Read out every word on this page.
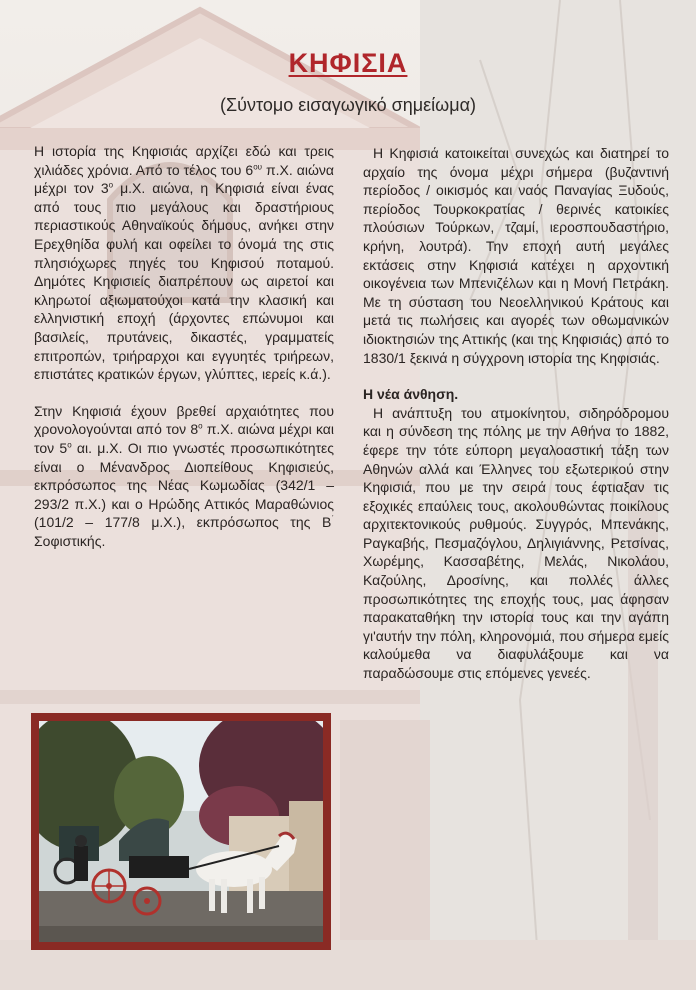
ΚΗΦΙΣΙΑ
(Σύντομο εισαγωγικό σημείωμα)

Η ιστορία της Κηφισιάς αρχίζει εδώ και τρεις χιλιάδες χρόνια. Από το τέλος του $6^{o\upsilon}$ π.Χ. αιώνα μέχρι τον $3^o$ μ.Χ. αιώνα, η Κηφισιά είναι ένας από τους πιο μεγάλους και δραστήριους περιαστικούς Αθηναϊκούς δήμους, ανήκει στην Ερεχθηίδα φυλή και οφείλει το όνομά της στις πλησιόχωρες πηγές του Κηφισού ποταμού. Δημότες Κηφισιείς διαπρέπουν ως αιρετοί και κληρωτοί αξιωματούχοι κατά την κλασική και ελληνιστική εποχή (άρχοντες επώνυμοι και βασιλείς, πρυτάνεις, δικαστές, γραμματείς επιτροπών, τριήραρχοι και εγγυητές τριήρεων, επιστάτες κρατικών έργων, γλύπτες, ιερείς κ.ά.).

Στην Κηφισιά έχουν βρεθεί αρχαιότητες που χρονολογούνται από τον $8^o$ π.Χ. αιώνα μέχρι και τον $5^o$ αι. μ.Χ. Οι πιο γνωστές προσωπικότητες είναι ο Μένανδρος Διοπείθους Κηφισιεύς, εκπρόσωπος της Νέας Κωμωδίας (342/1 – 293/2 π.Χ.) και ο Ηρώδης Αττικός Μαραθώνιος (101/2 – 177/8 μ.Χ.), εκπρόσωπος της Β΄ Σοφιστικής.

Η Κηφισιά κατοικείται συνεχώς και διατηρεί το αρχαίο της όνομα μέχρι σήμερα (βυζαντινή περίοδος / οικισμός και ναός Παναγίας Ξυδούς, περίοδος Τουρκοκρατίας / θερινές κατοικίες πλούσιων Τούρκων, τζαμί, ιεροσπουδαστήριο, κρήνη, λουτρά). Την εποχή αυτή μεγάλες εκτάσεις στην Κηφισιά κατέχει η αρχοντική οικογένεια των Μπενιζέλων και η Μονή Πετράκη. Με τη σύσταση του Νεοελληνικού Κράτους και μετά τις πωλήσεις και αγορές των οθωμανικών ιδιοκτησιών της Αττικής (και της Κηφισιάς) από το 1830/1 ξεκινά η σύγχρονη ιστορία της Κηφισιάς.

Η νέα άνθηση.

Η ανάπτυξη του ατμοκίνητου, σιδηρόδρομου και η σύνδεση της πόλης με την Αθήνα το 1882, έφερε την τότε εύπορη μεγαλοαστική τάξη των Αθηνών αλλά και Έλληνες του εξωτερικού στην Κηφισιά, που με την σειρά τους έφτιαξαν τις εξοχικές επαύλεις τους, ακολουθώντας ποικίλους αρχιτεκτονικούς ρυθμούς. Συγγρός, Μπενάκης, Ραγκαβής, Πεσμαζόγλου, Δηλιγιάννης, Ρετσίνας, Χωρέμης, Κασσαβέτης, Μελάς, Νικολάου, Καζούλης, Δροσίνης, και πολλές άλλες προσωπικότητες της εποχής τους, μας άφησαν παρακαταθήκη την ιστορία τους και την αγάπη γι'αυτήν την πόλη, κληρονομιά, που σήμερα εμείς καλούμεθα να διαφυλάξουμε και να παραδώσουμε στις επόμενες γενεές.
